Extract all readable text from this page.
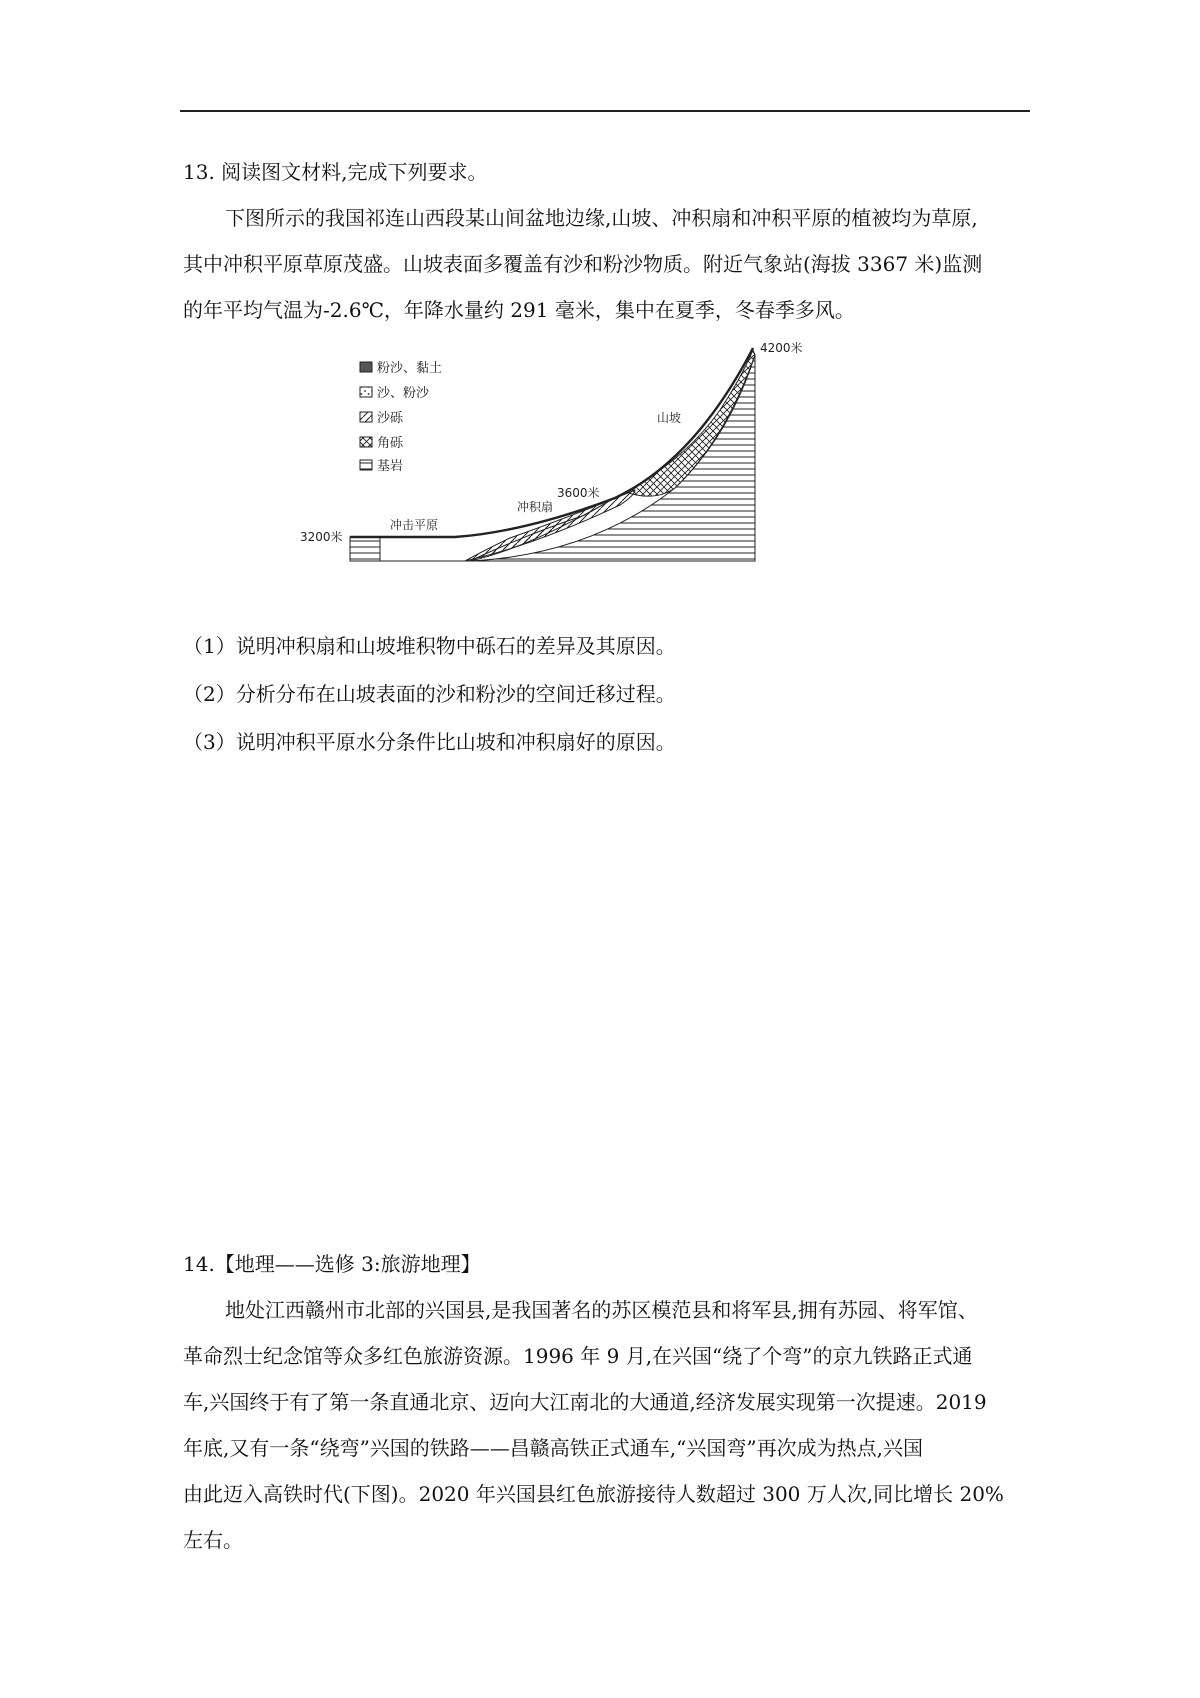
13. 阅读图文材料,完成下列要求。
下图所示的我国祁连山西段某山间盆地边缘,山坡、冲积扇和冲积平原的植被均为草原,
其中冲积平原草原茂盛。山坡表面多覆盖有沙和粉沙物质。附近气象站(海拔 3367 米)监测
的年平均气温为-2.6℃，年降水量约 291 毫米，集中在夏季，冬春季多风。
粉沙、黏土
沙、粉沙
沙砾
角砾
基岩
4200米
山坡
3600米
冲积扇
冲击平原
3200米
（1）说明冲积扇和山坡堆积物中砾石的差异及其原因。
（2）分析分布在山坡表面的沙和粉沙的空间迁移过程。
（3）说明冲积平原水分条件比山坡和冲积扇好的原因。
14.【地理——选修 3:旅游地理】
地处江西赣州市北部的兴国县,是我国著名的苏区模范县和将军县,拥有苏园、将军馆、
革命烈士纪念馆等众多红色旅游资源。1996 年 9 月,在兴国“绕了个弯”的京九铁路正式通
车,兴国终于有了第一条直通北京、迈向大江南北的大通道,经济发展实现第一次提速。2019
年底,又有一条“绕弯”兴国的铁路——昌赣高铁正式通车,“兴国弯”再次成为热点,兴国
由此迈入高铁时代(下图)。2020 年兴国县红色旅游接待人数超过 300 万人次,同比增长 20%
左右。
